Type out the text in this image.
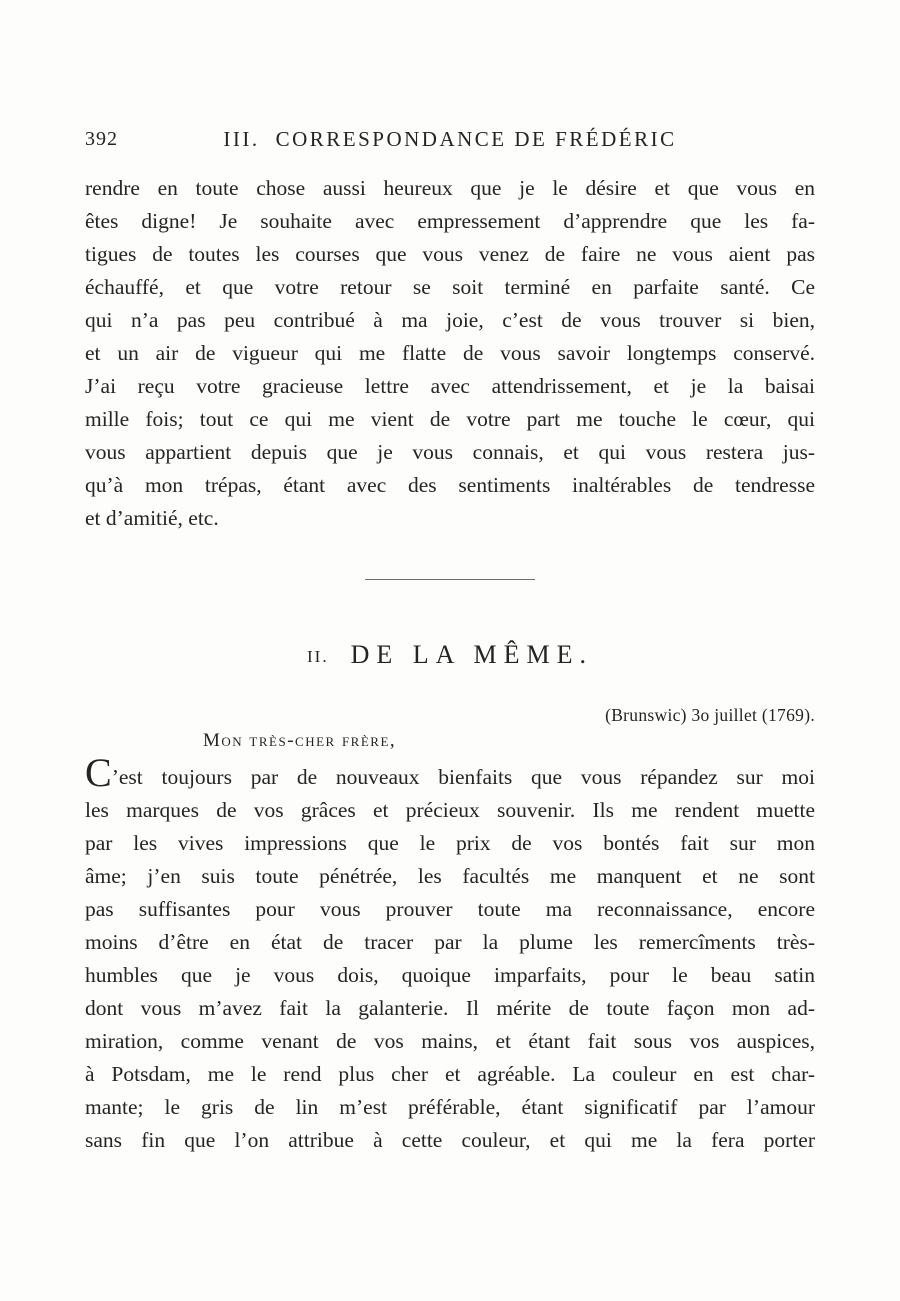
392	III. CORRESPONDANCE DE FRÉDÉRIC
rendre en toute chose aussi heureux que je le désire et que vous en
êtes digne! Je souhaite avec empressement d’apprendre que les fa-
tigues de toutes les courses que vous venez de faire ne vous aient pas
échauffé, et que votre retour se soit terminé en parfaite santé. Ce
qui n’a pas peu contribué à ma joie, c’est de vous trouver si bien,
et un air de vigueur qui me flatte de vous savoir longtemps conservé.
J’ai reçu votre gracieuse lettre avec attendrissement, et je la baisai
mille fois; tout ce qui me vient de votre part me touche le cœur, qui
vous appartient depuis que je vous connais, et qui vous restera jus-
qu’à mon trépas, étant avec des sentiments inaltérables de tendresse
et d’amitié, etc.
II. DE LA MÊME.
(Brunswic) 3o juillet (1769).
Mon très-cher frère,
C’est toujours par de nouveaux bienfaits que vous répandez sur moi
les marques de vos grâces et précieux souvenir. Ils me rendent muette
par les vives impressions que le prix de vos bontés fait sur mon
âme; j’en suis toute pénétrée, les facultés me manquent et ne sont
pas suffisantes pour vous prouver toute ma reconnaissance, encore
moins d’être en état de tracer par la plume les remercîments très-
humbles que je vous dois, quoique imparfaits, pour le beau satin
dont vous m’avez fait la galanterie. Il mérite de toute façon mon ad-
miration, comme venant de vos mains, et étant fait sous vos auspices,
à Potsdam, me le rend plus cher et agréable. La couleur en est char-
mante; le gris de lin m’est préférable, étant significatif par l’amour
sans fin que l’on attribue à cette couleur, et qui me la fera porter
